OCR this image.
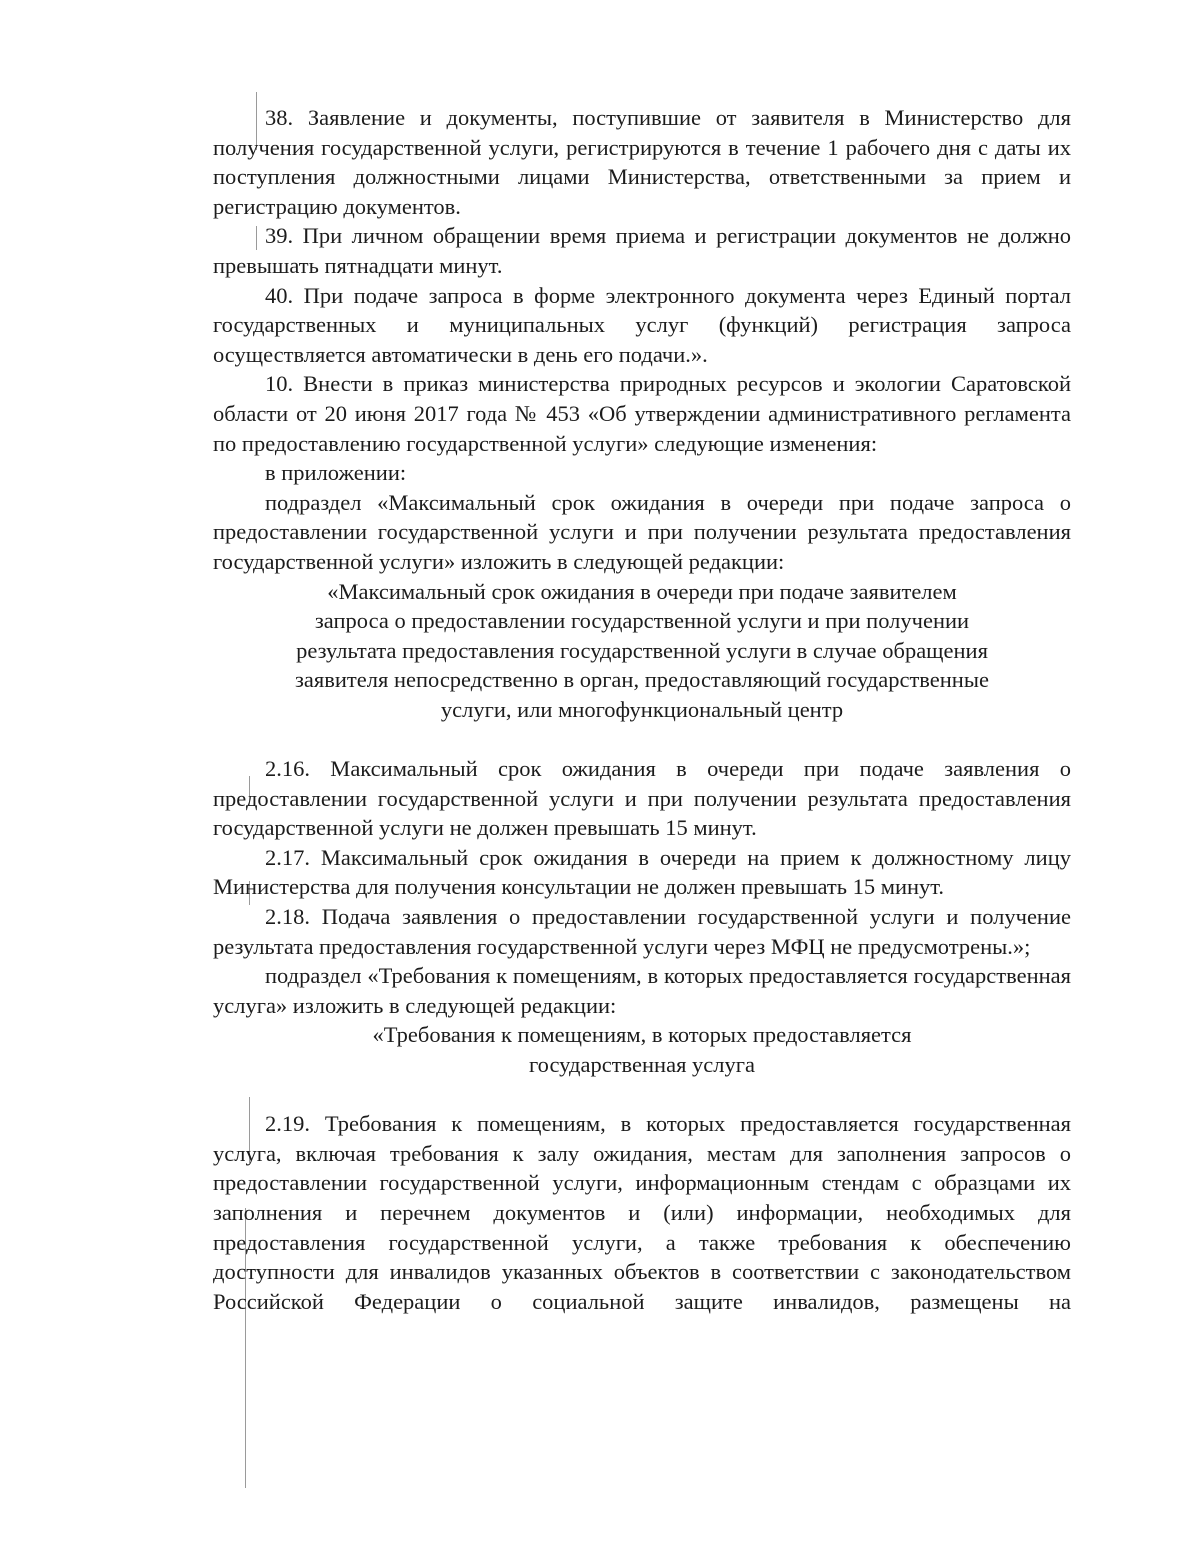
38. Заявление и документы, поступившие от заявителя в Министерство для получения государственной услуги, регистрируются в течение 1 рабочего дня с даты их поступления должностными лицами Министерства, ответственными за прием и регистрацию документов.

39. При личном обращении время приема и регистрации документов не должно превышать пятнадцати минут.

40. При подаче запроса в форме электронного документа через Единый портал государственных и муниципальных услуг (функций) регистрация запроса осуществляется автоматически в день его подачи.».

10. Внести в приказ министерства природных ресурсов и экологии Саратовской области от 20 июня 2017 года № 453 «Об утверждении административного регламента по предоставлению государственной услуги» следующие изменения:

в приложении:

подраздел «Максимальный срок ожидания в очереди при подаче запроса о предоставлении государственной услуги и при получении результата предоставления государственной услуги» изложить в следующей редакции:

«Максимальный срок ожидания в очереди при подаче заявителем

запроса о предоставлении государственной услуги и при получении

результата предоставления государственной услуги в случае обращения

заявителя непосредственно в орган, предоставляющий государственные

услуги, или многофункциональный центр

2.16. Максимальный срок ожидания в очереди при подаче заявления о предоставлении государственной услуги и при получении результата предоставления государственной услуги не должен превышать 15 минут.

2.17. Максимальный срок ожидания в очереди на прием к должностному лицу Министерства для получения консультации не должен превышать 15 минут.

2.18. Подача заявления о предоставлении государственной услуги и получение результата предоставления государственной услуги через МФЦ не предусмотрены.»;

подраздел «Требования к помещениям, в которых предоставляется государственная услуга» изложить в следующей редакции:

«Требования к помещениям, в которых предоставляется

государственная услуга

2.19. Требования к помещениям, в которых предоставляется государственная услуга, включая требования к залу ожидания, местам для заполнения запросов о предоставлении государственной услуги, информационным стендам с образцами их заполнения и перечнем документов и (или) информации, необходимых для предоставления государственной услуги, а также требования к обеспечению доступности для инвалидов указанных объектов в соответствии с законодательством Российской Федерации о социальной защите инвалидов, размещены на
